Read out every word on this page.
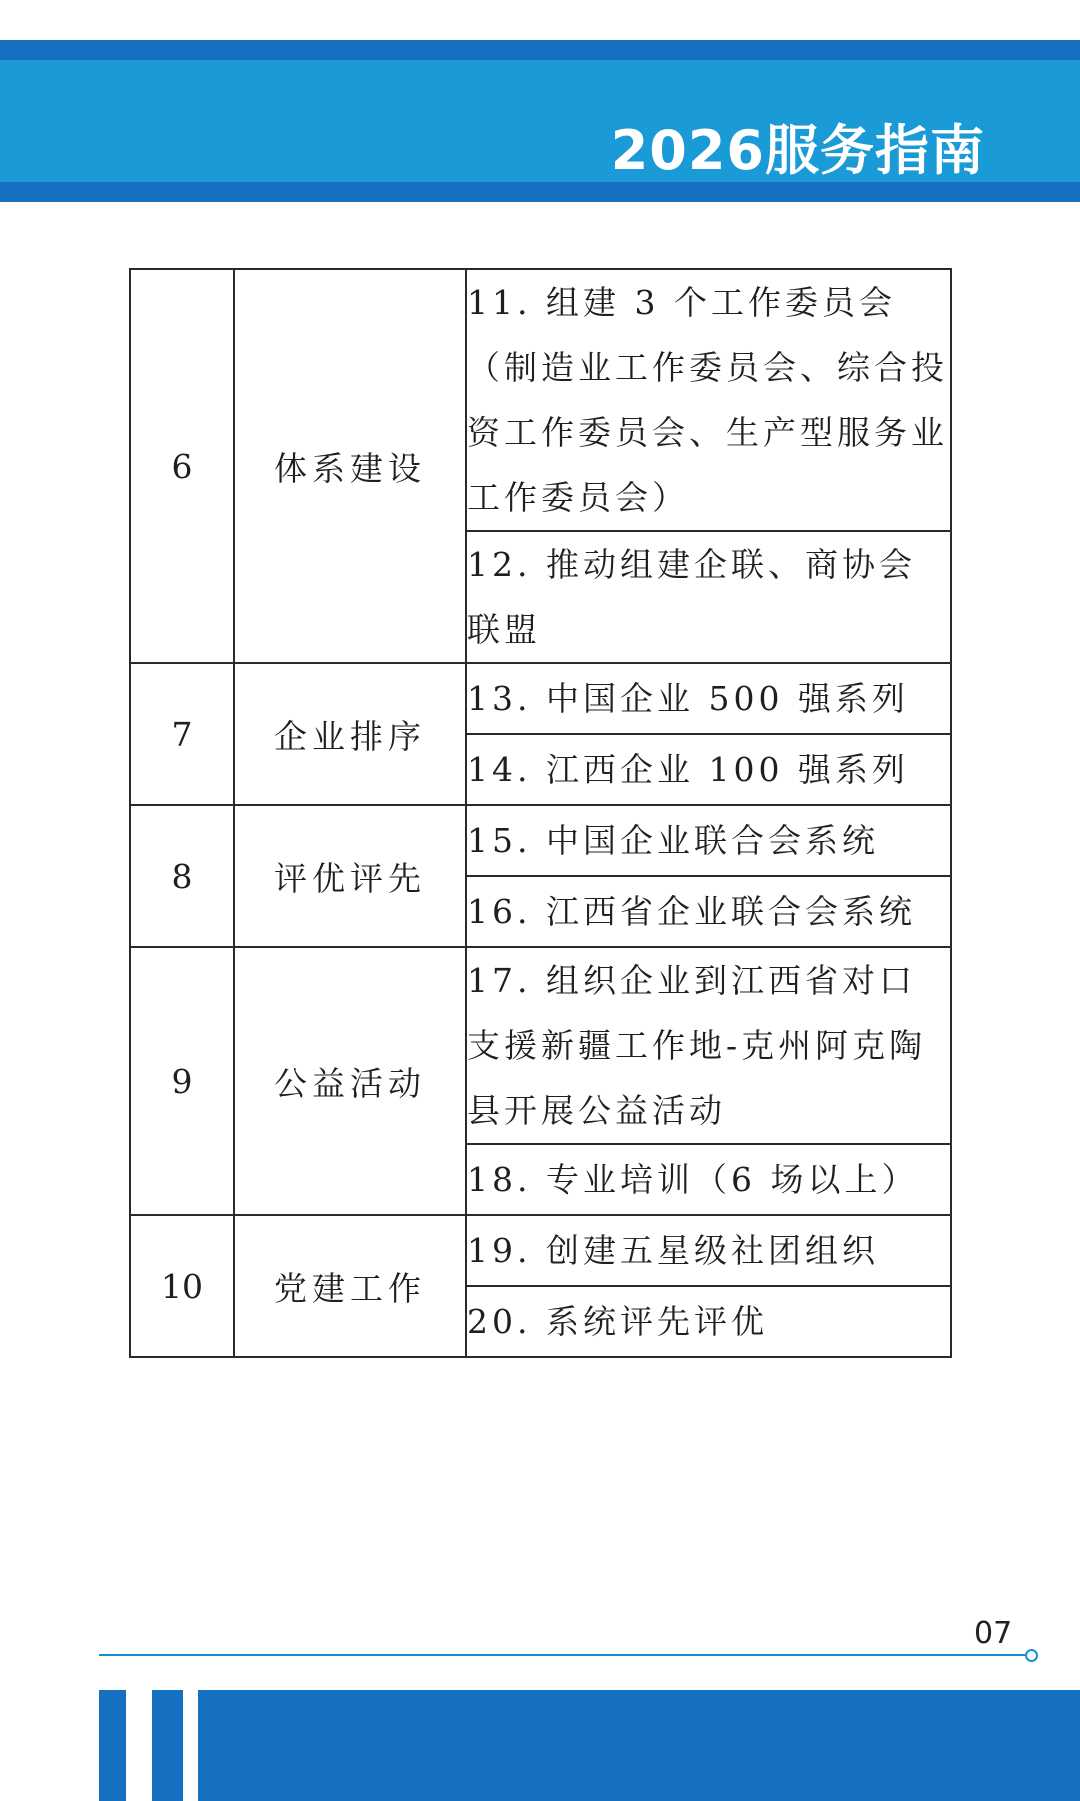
2026服务指南
6	体系建设	11. 组建 3 个工作委员会（制造业工作委员会、综合投资工作委员会、生产型服务业工作委员会）
		12. 推动组建企联、商协会联盟
7	企业排序	13. 中国企业 500 强系列
		14. 江西企业 100 强系列
8	评优评先	15. 中国企业联合会系统
		16. 江西省企业联合会系统
9	公益活动	17. 组织企业到江西省对口支援新疆工作地-克州阿克陶县开展公益活动
		18. 专业培训（6 场以上）
10	党建工作	19. 创建五星级社团组织
		20. 系统评先评优
07
